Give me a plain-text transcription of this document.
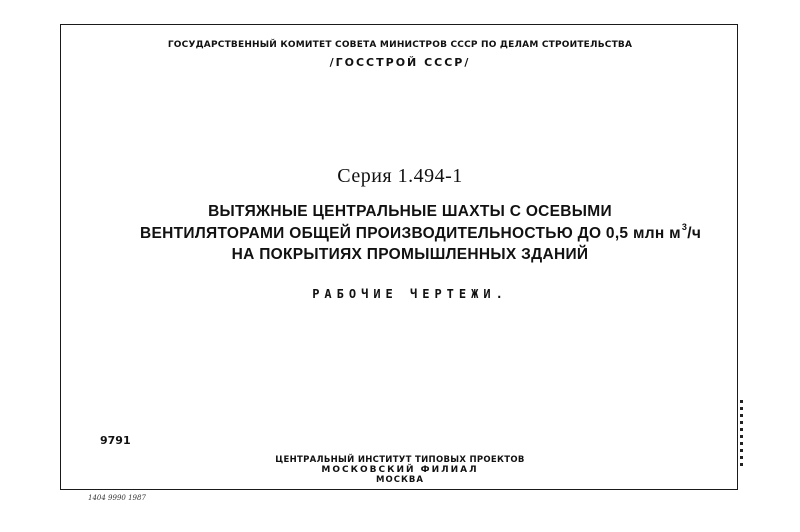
ГОСУДАРСТВЕННЫЙ КОМИТЕТ СОВЕТА МИНИСТРОВ СССР ПО ДЕЛАМ СТРОИТЕЛЬСТВА
/ГОССТРОЙ СССР/
Серия 1.494-1
ВЫТЯЖНЫЕ ЦЕНТРАЛЬНЫЕ ШАХТЫ С ОСЕВЫМИ
ВЕНТИЛЯТОРАМИ ОБЩЕЙ ПРОИЗВОДИТЕЛЬНОСТЬЮ ДО 0,5 млн $м^3/ч$
НА ПОКРЫТИЯХ ПРОМЫШЛЕННЫХ ЗДАНИЙ
РАБОЧИЕ ЧЕРТЕЖИ.
9791
ЦЕНТРАЛЬНЫЙ ИНСТИТУТ ТИПОВЫХ ПРОЕКТОВ
МОСКОВСКИЙ ФИЛИАЛ
МОСКВА
1404 9990 1987
